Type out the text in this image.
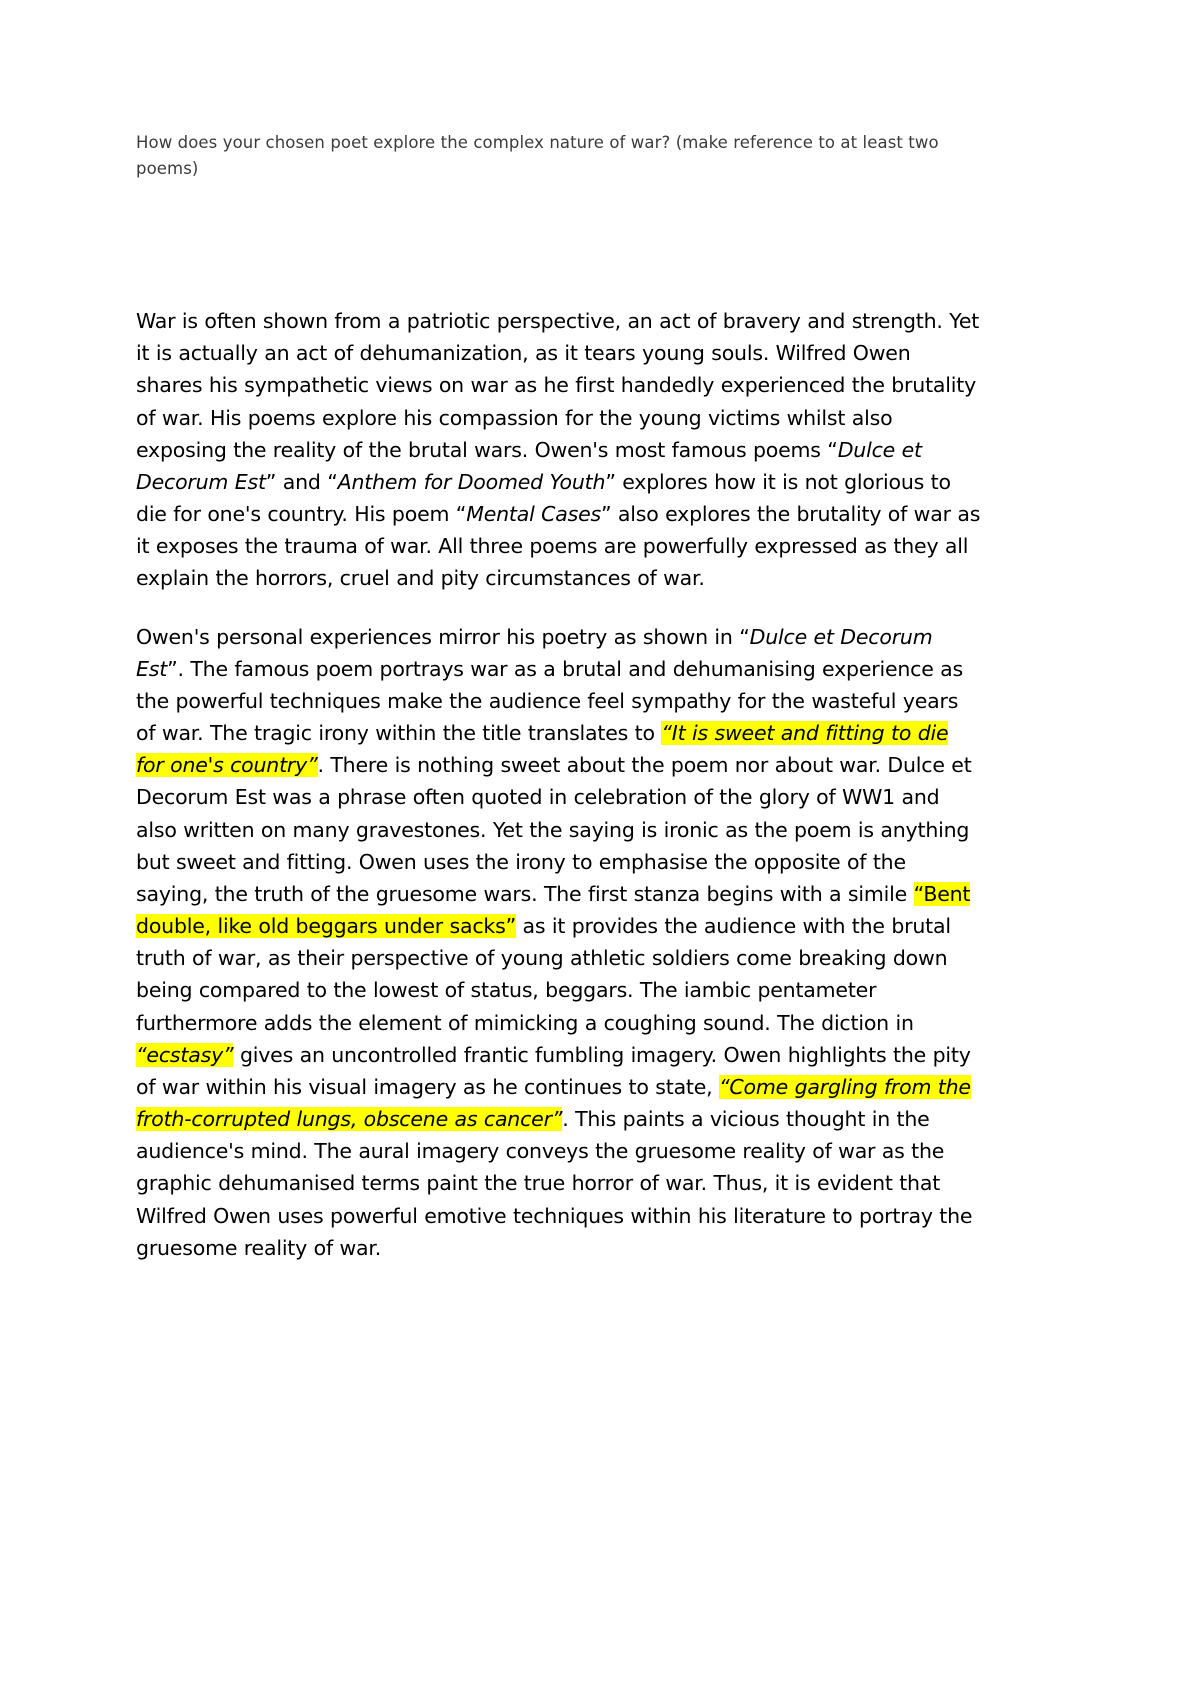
How does your chosen poet explore the complex nature of war? (make reference to at least two poems)

War is often shown from a patriotic perspective, an act of bravery and strength. Yet it is actually an act of dehumanization, as it tears young souls. Wilfred Owen shares his sympathetic views on war as he first handedly experienced the brutality of war. His poems explore his compassion for the young victims whilst also exposing the reality of the brutal wars. Owen's most famous poems “Dulce et Decorum Est” and “Anthem for Doomed Youth” explores how it is not glorious to die for one's country. His poem “Mental Cases” also explores the brutality of war as it exposes the trauma of war. All three poems are powerfully expressed as they all explain the horrors, cruel and pity circumstances of war.

Owen's personal experiences mirror his poetry as shown in “Dulce et Decorum Est”. The famous poem portrays war as a brutal and dehumanising experience as the powerful techniques make the audience feel sympathy for the wasteful years of war. The tragic irony within the title translates to “It is sweet and fitting to die for one's country”. There is nothing sweet about the poem nor about war. Dulce et Decorum Est was a phrase often quoted in celebration of the glory of WW1 and also written on many gravestones. Yet the saying is ironic as the poem is anything but sweet and fitting. Owen uses the irony to emphasise the opposite of the saying, the truth of the gruesome wars. The first stanza begins with a simile “Bent double, like old beggars under sacks” as it provides the audience with the brutal truth of war, as their perspective of young athletic soldiers come breaking down being compared to the lowest of status, beggars. The iambic pentameter furthermore adds the element of mimicking a coughing sound. The diction in “ecstasy” gives an uncontrolled frantic fumbling imagery. Owen highlights the pity of war within his visual imagery as he continues to state, “Come gargling from the froth-corrupted lungs, obscene as cancer”. This paints a vicious thought in the audience's mind. The aural imagery conveys the gruesome reality of war as the graphic dehumanised terms paint the true horror of war. Thus, it is evident that Wilfred Owen uses powerful emotive techniques within his literature to portray the gruesome reality of war.
